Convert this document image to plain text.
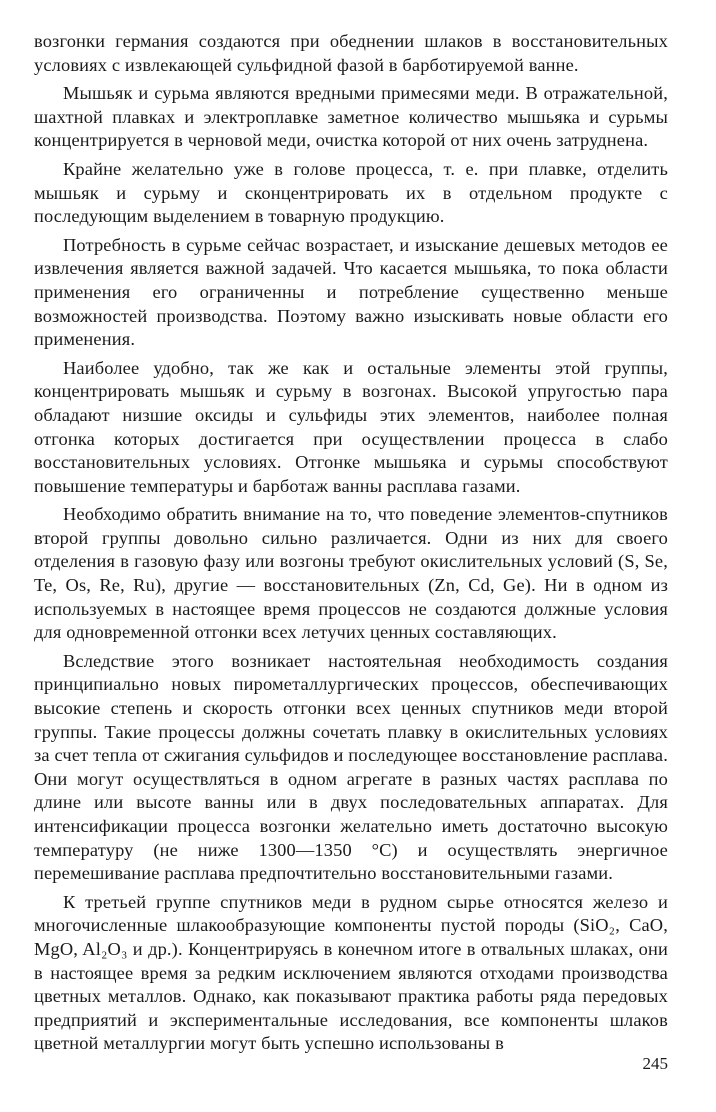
возгонки германия создаются при обеднении шлаков в восстановительных условиях с извлекающей сульфидной фазой в барботируемой ванне.

Мышьяк и сурьма являются вредными примесями меди. В отражательной, шахтной плавках и электроплавке заметное количество мышьяка и сурьмы концентрируется в черновой меди, очистка которой от них очень затруднена.

Крайне желательно уже в голове процесса, т. е. при плавке, отделить мышьяк и сурьму и сконцентрировать их в отдельном продукте с последующим выделением в товарную продукцию.

Потребность в сурьме сейчас возрастает, и изыскание дешевых методов ее извлечения является важной задачей. Что касается мышьяка, то пока области применения его ограниченны и потребление существенно меньше возможностей производства. Поэтому важно изыскивать новые области его применения.

Наиболее удобно, так же как и остальные элементы этой группы, концентрировать мышьяк и сурьму в возгонах. Высокой упругостью пара обладают низшие оксиды и сульфиды этих элементов, наиболее полная отгонка которых достигается при осуществлении процесса в слабо восстановительных условиях. Отгонке мышьяка и сурьмы способствуют повышение температуры и барботаж ванны расплава газами.

Необходимо обратить внимание на то, что поведение элементов-спутников второй группы довольно сильно различается. Одни из них для своего отделения в газовую фазу или возгоны требуют окислительных условий (S, Se, Te, Os, Re, Ru), другие — восстановительных (Zn, Cd, Ge). Ни в одном из используемых в настоящее время процессов не создаются должные условия для одновременной отгонки всех летучих ценных составляющих.

Вследствие этого возникает настоятельная необходимость создания принципиально новых пирометаллургических процессов, обеспечивающих высокие степень и скорость отгонки всех ценных спутников меди второй группы. Такие процессы должны сочетать плавку в окислительных условиях за счет тепла от сжигания сульфидов и последующее восстановление расплава. Они могут осуществляться в одном агрегате в разных частях расплава по длине или высоте ванны или в двух последовательных аппаратах. Для интенсификации процесса возгонки желательно иметь достаточно высокую температуру (не ниже 1300—1350 °C) и осуществлять энергичное перемешивание расплава предпочтительно восстановительными газами.

К третьей группе спутников меди в рудном сырье относятся железо и многочисленные шлакообразующие компоненты пустой породы (SiO₂, CaO, MgO, Al₂O₃ и др.). Концентрируясь в конечном итоге в отвальных шлаках, они в настоящее время за редким исключением являются отходами производства цветных металлов. Однако, как показывают практика работы ряда передовых предприятий и экспериментальные исследования, все компоненты шлаков цветной металлургии могут быть успешно использованы в

245
